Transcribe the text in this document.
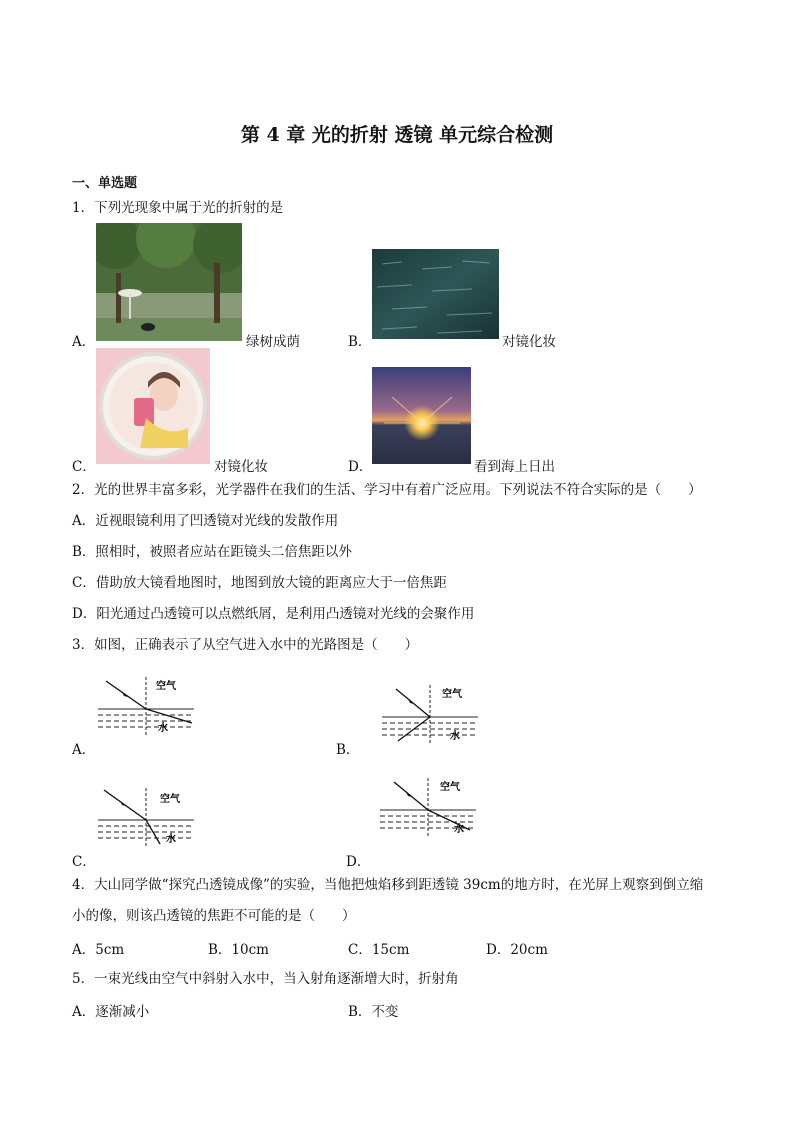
第 4 章 光的折射 透镜 单元综合检测
一、单选题
1．下列光现象中属于光的折射的是
A．	绿树成荫	B．	对镜化妆
C．	对镜化妆	D．	看到海上日出
2．光的世界丰富多彩，光学器件在我们的生活、学习中有着广泛应用。下列说法不符合实际的是（　　）
A．近视眼镜利用了凹透镜对光线的发散作用
B．照相时，被照者应站在距镜头二倍焦距以外
C．借助放大镜看地图时，地图到放大镜的距离应大于一倍焦距
D．阳光通过凸透镜可以点燃纸屑，是利用凸透镜对光线的会聚作用
3．如图，正确表示了从空气进入水中的光路图是（　　）
A．
空气
水
B．
空气
水
C．
空气
水
D．
空气
水
4．大山同学做“探究凸透镜成像”的实验，当他把烛焰移到距透镜 39cm的地方时，在光屏上观察到倒立缩
小的像，则该凸透镜的焦距不可能的是（　　）
A．5cm	B．10cm	C．15cm	D．20cm
5．一束光线由空气中斜射入水中，当入射角逐渐增大时，折射角
A．逐渐减小	B．不变
